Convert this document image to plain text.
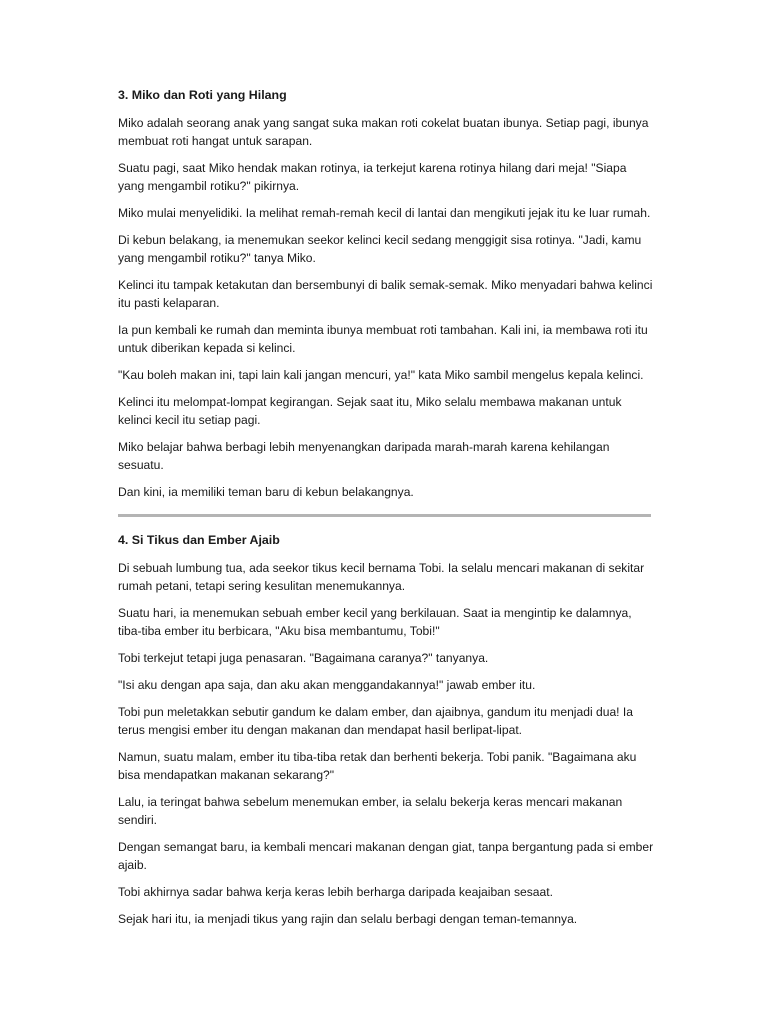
3. Miko dan Roti yang Hilang

Miko adalah seorang anak yang sangat suka makan roti cokelat buatan ibunya. Setiap pagi, ibunya membuat roti hangat untuk sarapan.

Suatu pagi, saat Miko hendak makan rotinya, ia terkejut karena rotinya hilang dari meja! "Siapa yang mengambil rotiku?" pikirnya.

Miko mulai menyelidiki. Ia melihat remah-remah kecil di lantai dan mengikuti jejak itu ke luar rumah.

Di kebun belakang, ia menemukan seekor kelinci kecil sedang menggigit sisa rotinya. "Jadi, kamu yang mengambil rotiku?" tanya Miko.

Kelinci itu tampak ketakutan dan bersembunyi di balik semak-semak. Miko menyadari bahwa kelinci itu pasti kelaparan.

Ia pun kembali ke rumah dan meminta ibunya membuat roti tambahan. Kali ini, ia membawa roti itu untuk diberikan kepada si kelinci.

"Kau boleh makan ini, tapi lain kali jangan mencuri, ya!" kata Miko sambil mengelus kepala kelinci.

Kelinci itu melompat-lompat kegirangan. Sejak saat itu, Miko selalu membawa makanan untuk kelinci kecil itu setiap pagi.

Miko belajar bahwa berbagi lebih menyenangkan daripada marah-marah karena kehilangan sesuatu.

Dan kini, ia memiliki teman baru di kebun belakangnya.

4. Si Tikus dan Ember Ajaib

Di sebuah lumbung tua, ada seekor tikus kecil bernama Tobi. Ia selalu mencari makanan di sekitar rumah petani, tetapi sering kesulitan menemukannya.

Suatu hari, ia menemukan sebuah ember kecil yang berkilauan. Saat ia mengintip ke dalamnya, tiba-tiba ember itu berbicara, "Aku bisa membantumu, Tobi!"

Tobi terkejut tetapi juga penasaran. "Bagaimana caranya?" tanyanya.

"Isi aku dengan apa saja, dan aku akan menggandakannya!" jawab ember itu.

Tobi pun meletakkan sebutir gandum ke dalam ember, dan ajaibnya, gandum itu menjadi dua! Ia terus mengisi ember itu dengan makanan dan mendapat hasil berlipat-lipat.

Namun, suatu malam, ember itu tiba-tiba retak dan berhenti bekerja. Tobi panik. "Bagaimana aku bisa mendapatkan makanan sekarang?"

Lalu, ia teringat bahwa sebelum menemukan ember, ia selalu bekerja keras mencari makanan sendiri.

Dengan semangat baru, ia kembali mencari makanan dengan giat, tanpa bergantung pada si ember ajaib.

Tobi akhirnya sadar bahwa kerja keras lebih berharga daripada keajaiban sesaat.

Sejak hari itu, ia menjadi tikus yang rajin dan selalu berbagi dengan teman-temannya.
